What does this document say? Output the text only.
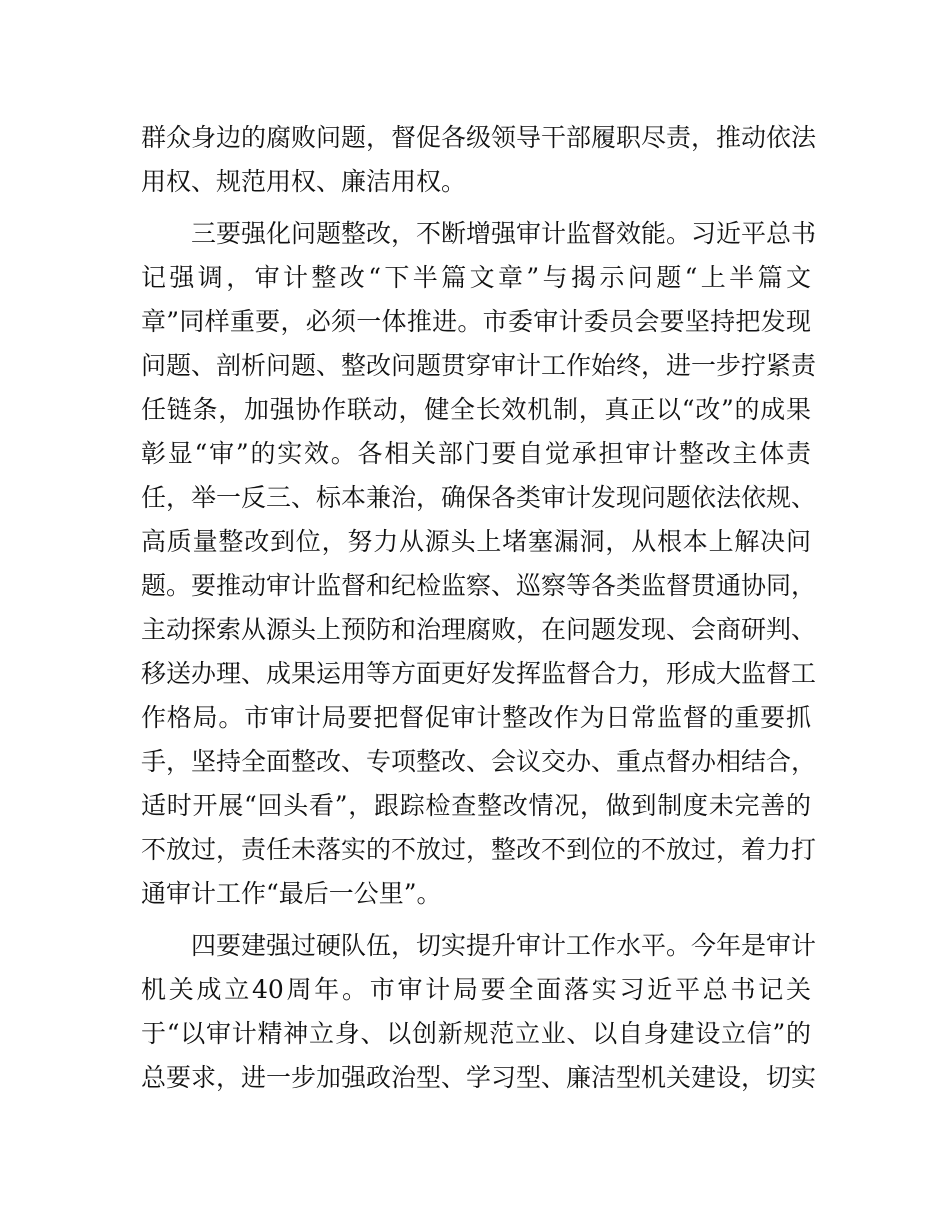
群众身边的腐败问题，督促各级领导干部履职尽责，推动依法
用权、规范用权、廉洁用权。
三要强化问题整改，不断增强审计监督效能。习近平总书
记强调，审计整改“下半篇文章”与揭示问题“上半篇文
章”同样重要，必须一体推进。市委审计委员会要坚持把发现
问题、剖析问题、整改问题贯穿审计工作始终，进一步拧紧责
任链条，加强协作联动，健全长效机制，真正以“改”的成果
彰显“审”的实效。各相关部门要自觉承担审计整改主体责
任，举一反三、标本兼治，确保各类审计发现问题依法依规、
高质量整改到位，努力从源头上堵塞漏洞，从根本上解决问
题。要推动审计监督和纪检监察、巡察等各类监督贯通协同，
主动探索从源头上预防和治理腐败，在问题发现、会商研判、
移送办理、成果运用等方面更好发挥监督合力，形成大监督工
作格局。市审计局要把督促审计整改作为日常监督的重要抓
手，坚持全面整改、专项整改、会议交办、重点督办相结合，
适时开展“回头看”，跟踪检查整改情况，做到制度未完善的
不放过，责任未落实的不放过，整改不到位的不放过，着力打
通审计工作“最后一公里”。
四要建强过硬队伍，切实提升审计工作水平。今年是审计
机关成立40周年。市审计局要全面落实习近平总书记关
于“以审计精神立身、以创新规范立业、以自身建设立信”的
总要求，进一步加强政治型、学习型、廉洁型机关建设，切实
